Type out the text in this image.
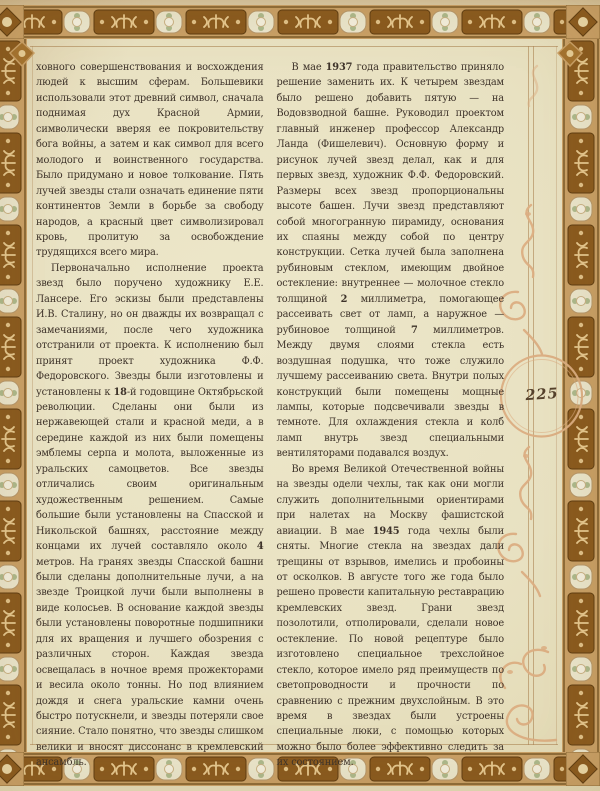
225

ховного совершенствования и восхождения людей к высшим сферам. Большевики использовали этот древний символ, сначала поднимая дух Красной Армии, символически вверяя ее покровительству бога войны, а затем и как символ для всего молодого и воинственного государства. Было придумано и новое толкование. Пять лучей звезды стали означать единение пяти континентов Земли в борьбе за свободу народов, а красный цвет символизировал кровь, пролитую за освобождение трудящихся всего мира.

Первоначально исполнение проекта звезд было поручено художнику Е.Е. Лансере. Его эскизы были представлены И.В. Сталину, но он дважды их возвращал с замечаниями, после чего художника отстранили от проекта. К исполнению был принят проект художника Ф.Ф. Федоровского. Звезды были изготовлены и установлены к 18-й годовщине Октябрьской революции. Сделаны они были из нержавеющей стали и красной меди, а в середине каждой из них были помещены эмблемы серпа и молота, выложенные из уральских самоцветов. Все звезды отличались своим оригинальным художественным решением. Самые большие были установлены на Спасской и Никольской башнях, расстояние между концами их лучей составляло около 4 метров. На гранях звезды Спасской башни были сделаны дополнительные лучи, а на звезде Троицкой лучи были выполнены в виде колосьев. В основание каждой звезды были установлены поворотные подшипники для их вращения и лучшего обозрения с различных сторон. Каждая звезда освещалась в ночное время прожекторами и весила около тонны. Но под влиянием дождя и снега уральские камни очень быстро потускнели, и звезды потеряли свое сияние. Стало понятно, что звезды слишком велики и вносят диссонанс в кремлевский ансамбль.

В мае 1937 года правительство приняло решение заменить их. К четырем звездам было решено добавить пятую — на Водовзводной башне. Руководил проектом главный инженер профессор Александр Ланда (Фишелевич). Основную форму и рисунок лучей звезд делал, как и для первых звезд, художник Ф.Ф. Федоровский. Размеры всех звезд пропорциональны высоте башен. Лучи звезд представляют собой многогранную пирамиду, основания их спаяны между собой по центру конструкции. Сетка лучей была заполнена рубиновым стеклом, имеющим двойное остекление: внутреннее — молочное стекло толщиной 2 миллиметра, помогающее рассеивать свет от ламп, а наружное — рубиновое толщиной 7 миллиметров. Между двумя слоями стекла есть воздушная подушка, что тоже служило лучшему рассеиванию света. Внутри полых конструкций были помещены мощные лампы, которые подсвечивали звезды в темноте. Для охлаждения стекла и колб ламп внутрь звезд специальными вентиляторами подавался воздух.

Во время Великой Отечественной войны на звезды одели чехлы, так как они могли служить дополнительными ориентирами при налетах на Москву фашистской авиации. В мае 1945 года чехлы были сняты. Многие стекла на звездах дали трещины от взрывов, имелись и пробоины от осколков. В августе того же года было решено провести капитальную реставрацию кремлевских звезд. Грани звезд позолотили, отполировали, сделали новое остекление. По новой рецептуре было изготовлено специальное трехслойное стекло, которое имело ряд преимуществ по светопроводности и прочности по сравнению с прежним двухслойным. В это время в звездах были устроены специальные люки, с помощью которых можно было более эффективно следить за их состоянием.
